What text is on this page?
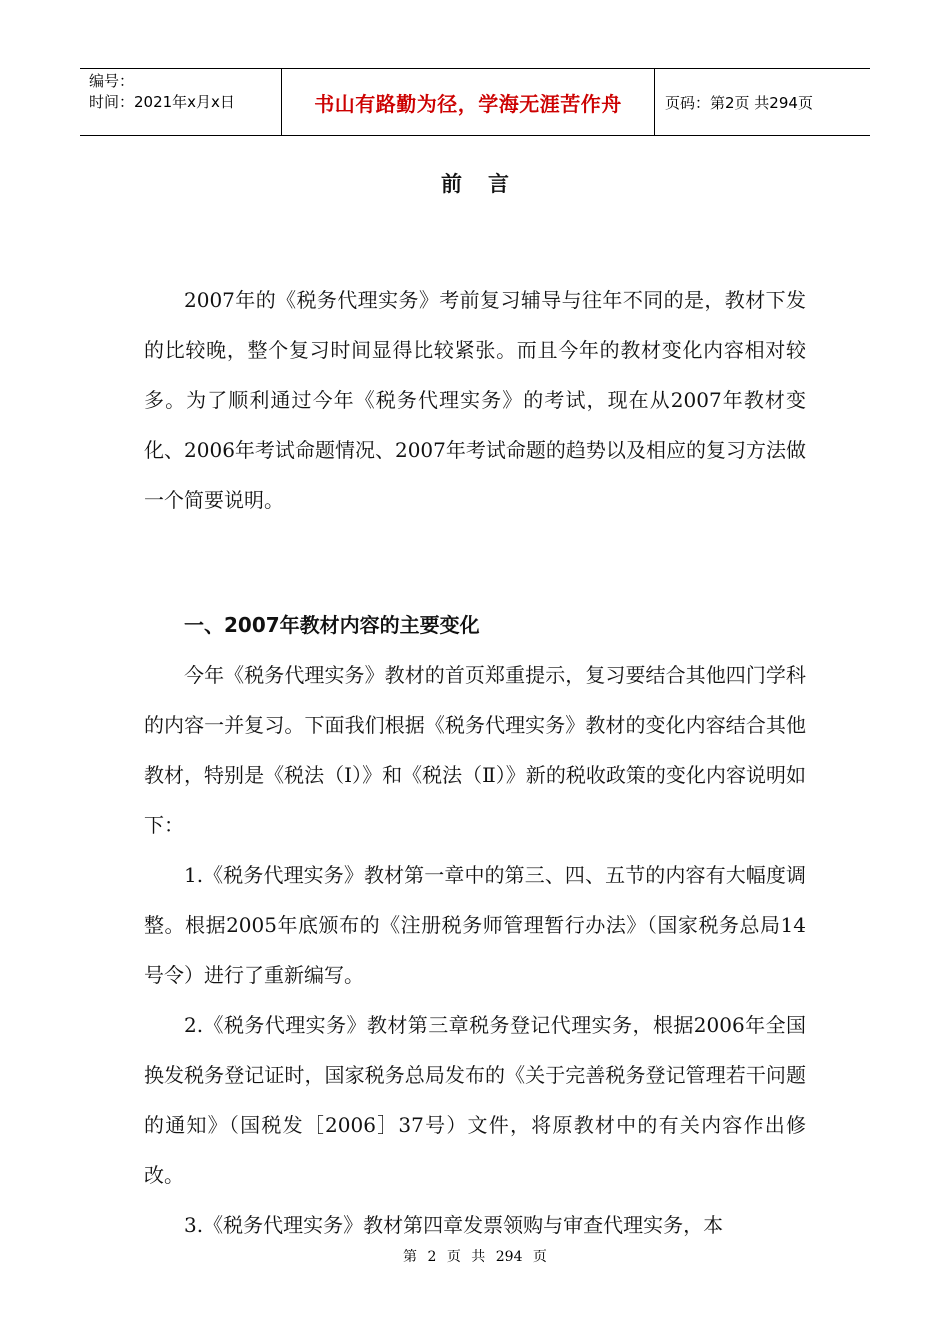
编号：
时间：2021年x月x日	书山有路勤为径，学海无涯苦作舟	页码：第2页 共294页
前言

2007年的《税务代理实务》考前复习辅导与往年不同的是，教材下发的比较晚，整个复习时间显得比较紧张。而且今年的教材变化内容相对较多。为了顺利通过今年《税务代理实务》的考试，现在从2007年教材变化、2006年考试命题情况、2007年考试命题的趋势以及相应的复习方法做一个简要说明。

一、2007年教材内容的主要变化

今年《税务代理实务》教材的首页郑重提示，复习要结合其他四门学科的内容一并复习。下面我们根据《税务代理实务》教材的变化内容结合其他教材，特别是《税法（Ⅰ）》和《税法（Ⅱ）》新的税收政策的变化内容说明如下：

1.《税务代理实务》教材第一章中的第三、四、五节的内容有大幅度调整。根据2005年底颁布的《注册税务师管理暂行办法》（国家税务总局14号令）进行了重新编写。

2.《税务代理实务》教材第三章税务登记代理实务，根据2006年全国换发税务登记证时，国家税务总局发布的《关于完善税务登记管理若干问题的通知》（国税发［2006］37号）文件，将原教材中的有关内容作出修改。

3.《税务代理实务》教材第四章发票领购与审查代理实务，本

第 2 页 共 294 页
